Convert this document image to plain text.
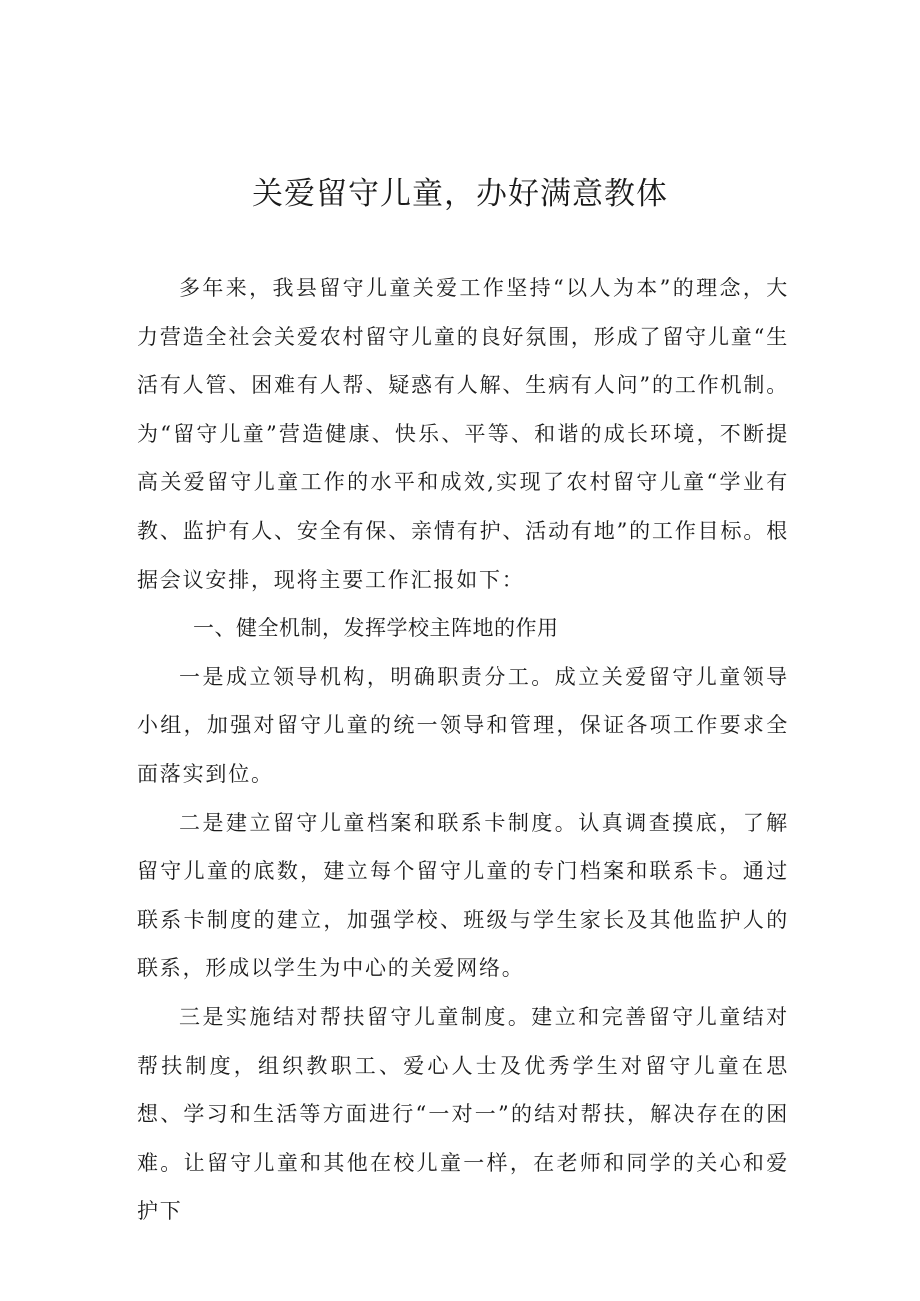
关爱留守儿童，办好满意教体

多年来，我县留守儿童关爱工作坚持“以人为本”的理念，大力营造全社会关爱农村留守儿童的良好氛围，形成了留守儿童“生活有人管、困难有人帮、疑惑有人解、生病有人问”的工作机制。为“留守儿童”营造健康、快乐、平等、和谐的成长环境，不断提高关爱留守儿童工作的水平和成效,实现了农村留守儿童“学业有教、监护有人、安全有保、亲情有护、活动有地”的工作目标。根据会议安排，现将主要工作汇报如下：

一、健全机制，发挥学校主阵地的作用

一是成立领导机构，明确职责分工。成立关爱留守儿童领导小组，加强对留守儿童的统一领导和管理，保证各项工作要求全面落实到位。

二是建立留守儿童档案和联系卡制度。认真调查摸底，了解留守儿童的底数，建立每个留守儿童的专门档案和联系卡。通过联系卡制度的建立，加强学校、班级与学生家长及其他监护人的联系，形成以学生为中心的关爱网络。

三是实施结对帮扶留守儿童制度。建立和完善留守儿童结对帮扶制度，组织教职工、爱心人士及优秀学生对留守儿童在思想、学习和生活等方面进行“一对一”的结对帮扶，解决存在的困难。让留守儿童和其他在校儿童一样，在老师和同学的关心和爱护下
